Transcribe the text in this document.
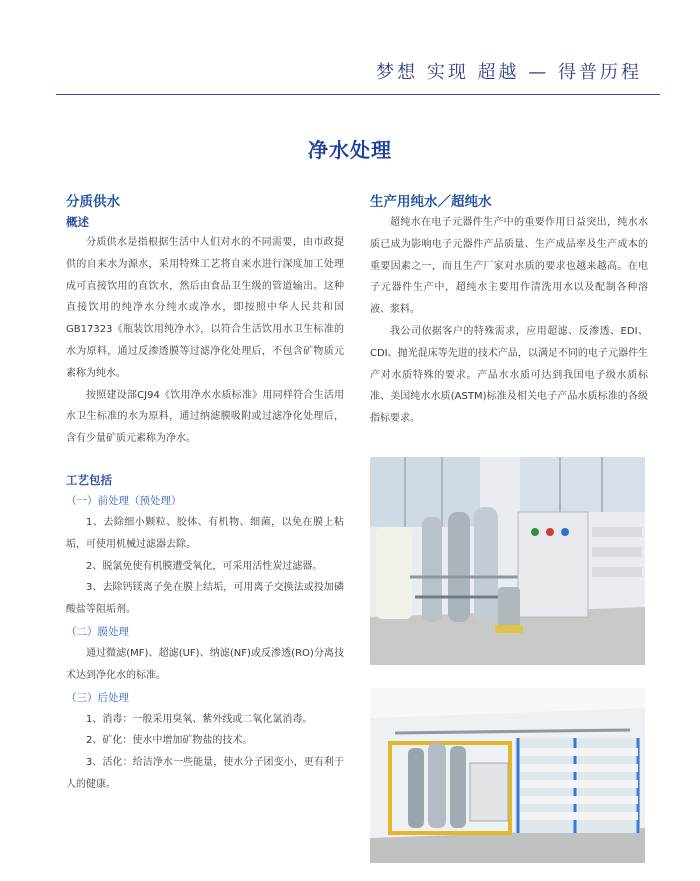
梦想 实现 超越 — 得普历程
净水处理
分质供水
概述

分质供水是指根据生活中人们对水的不同需要，由市政提供的自来水为源水，采用特殊工艺将自来水进行深度加工处理成可直接饮用的直饮水，然后由食品卫生级的管道输出。这种直接饮用的纯净水分纯水或净水，即按照中华人民共和国GB17323《瓶装饮用纯净水》，以符合生活饮用水卫生标准的水为原料，通过反渗透膜等过滤净化处理后，不包含矿物质元素称为纯水。

按照建设部CJ94《饮用净水水质标准》用同样符合生活用水卫生标准的水为原料，通过纳滤膜吸附或过滤净化处理后，含有少量矿质元素称为净水。

工艺包括
（一）前处理（预处理）

1、去除细小颗粒、胶体、有机物、细菌，以免在膜上粘垢，可使用机械过滤器去除。

2、脱氯免使有机膜遭受氧化，可采用活性炭过滤器。

3、去除钙镁离子免在膜上结垢，可用离子交换法或投加磷酸盐等阻垢剂。

（二）膜处理

通过微滤(MF)、超滤(UF)、纳滤(NF)或反渗透(RO)分离技术达到净化水的标准。

（三）后处理

1、消毒：一般采用臭氧、紫外线或二氧化氯消毒。

2、矿化：使水中增加矿物盐的技术。

3、活化：给洁净水一些能量，使水分子团变小，更有利于人的健康。

生产用纯水／超纯水

超纯水在电子元器件生产中的重要作用日益突出，纯水水质已成为影响电子元器件产品质量、生产成品率及生产成本的重要因素之一，而且生产厂家对水质的要求也越来越高。在电子元器件生产中，超纯水主要用作清洗用水以及配制各种溶液、浆料。

我公司依据客户的特殊需求，应用超滤、反渗透、EDI、CDI、抛光混床等先进的技术产品，以满足不同的电子元器件生产对水质特殊的要求。产品水水质可达到我国电子级水质标准、美国纯水水质(ASTM)标准及相关电子产品水质标准的各级指标要求。
